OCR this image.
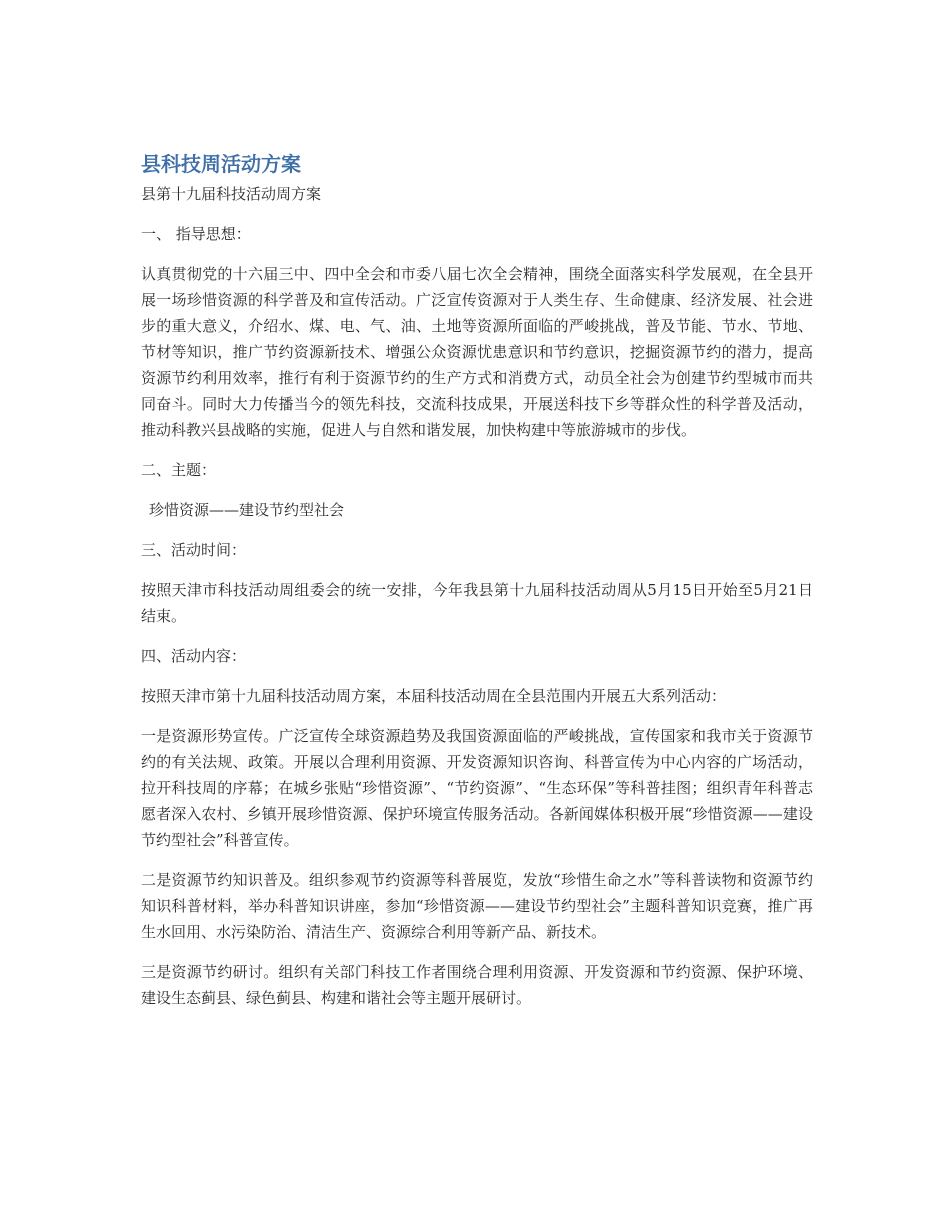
县科技周活动方案

县第十九届科技活动周方案

一、 指导思想：

认真贯彻党的十六届三中、四中全会和市委八届七次全会精神，围绕全面落实科学发展观，在全县开展一场珍惜资源的科学普及和宣传活动。广泛宣传资源对于人类生存、生命健康、经济发展、社会进步的重大意义，介绍水、煤、电、气、油、土地等资源所面临的严峻挑战，普及节能、节水、节地、节材等知识，推广节约资源新技术、增强公众资源忧患意识和节约意识，挖掘资源节约的潜力，提高资源节约利用效率，推行有利于资源节约的生产方式和消费方式，动员全社会为创建节约型城市而共同奋斗。同时大力传播当今的领先科技，交流科技成果，开展送科技下乡等群众性的科学普及活动，推动科教兴县战略的实施，促进人与自然和谐发展，加快构建中等旅游城市的步伐。

二、主题：

珍惜资源——建设节约型社会

三、活动时间：

按照天津市科技活动周组委会的统一安排，今年我县第十九届科技活动周从5月15日开始至5月21日结束。

四、活动内容：

按照天津市第十九届科技活动周方案，本届科技活动周在全县范围内开展五大系列活动：

一是资源形势宣传。广泛宣传全球资源趋势及我国资源面临的严峻挑战，宣传国家和我市关于资源节约的有关法规、政策。开展以合理利用资源、开发资源知识咨询、科普宣传为中心内容的广场活动，拉开科技周的序幕；在城乡张贴“珍惜资源”、“节约资源”、“生态环保”等科普挂图；组织青年科普志愿者深入农村、乡镇开展珍惜资源、保护环境宣传服务活动。各新闻媒体积极开展“珍惜资源——建设节约型社会”科普宣传。

二是资源节约知识普及。组织参观节约资源等科普展览，发放“珍惜生命之水”等科普读物和资源节约知识科普材料，举办科普知识讲座，参加“珍惜资源——建设节约型社会”主题科普知识竞赛，推广再生水回用、水污染防治、清洁生产、资源综合利用等新产品、新技术。

三是资源节约研讨。组织有关部门科技工作者围绕合理利用资源、开发资源和节约资源、保护环境、建设生态蓟县、绿色蓟县、构建和谐社会等主题开展研讨。
